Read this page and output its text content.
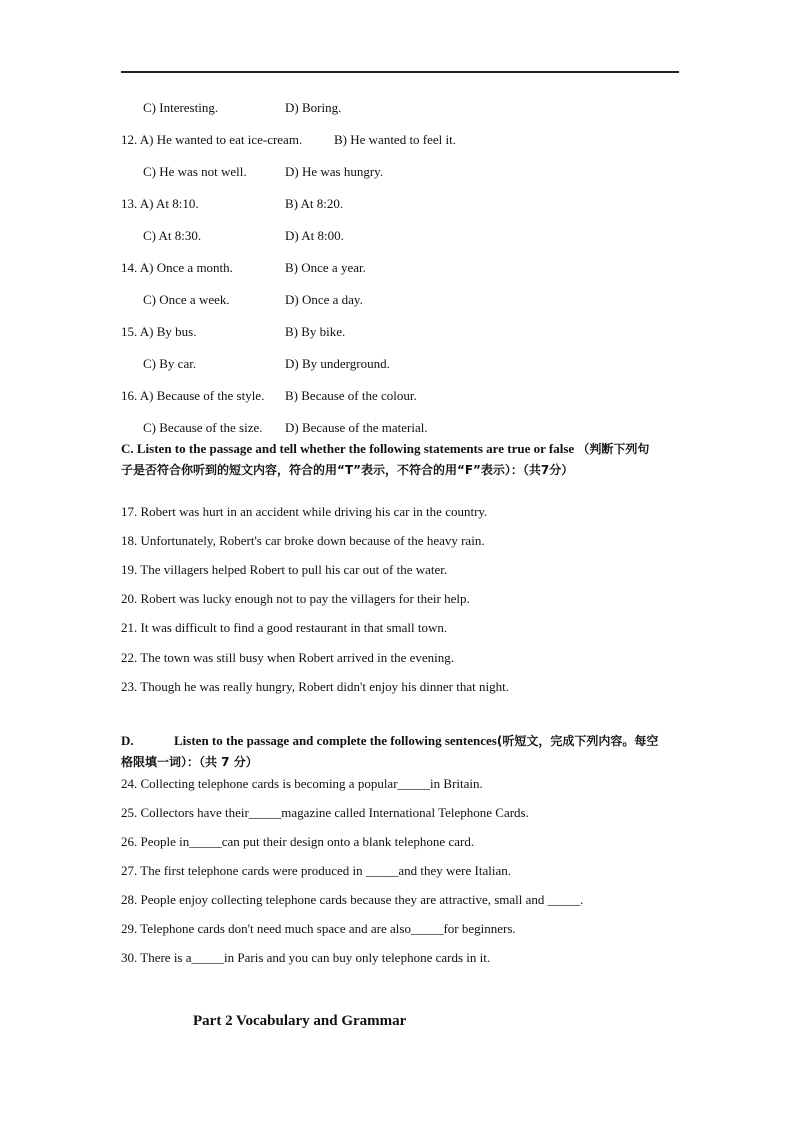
C) Interesting.	D) Boring.
12. A) He wanted to eat ice-cream. B) He wanted to feel it.
C) He was not well.	D) He was hungry.
13. A) At 8:10.	B) At 8:20.
C) At 8:30.	D) At 8:00.
14. A) Once a month.	B) Once a year.
C) Once a week.	D) Once a day.
15. A) By bus.	B) By bike.
C) By car.	D) By underground.
16. A) Because of the style. B) Because of the colour.
C) Because of the size. D) Because of the material.
C. Listen to the passage and tell whether the following statements are true or false （判断下列句
子是否符合你听到的短文内容，符合的用“T”表示，不符合的用“F”表示）：（共7分）
17. Robert was hurt in an accident while driving his car in the country.
18. Unfortunately, Robert's car broke down because of the heavy rain.
19. The villagers helped Robert to pull his car out of the water.
20. Robert was lucky enough not to pay the villagers for their help.
21. It was difficult to find a good restaurant in that small town.
22. The town was still busy when Robert arrived in the evening.
23. Though he was really hungry, Robert didn't enjoy his dinner that night.
D.	Listen to the passage and complete the following sentences(听短文，完成下列内容。每空
格限填一词）：（共 7 分）
24. Collecting telephone cards is becoming a popular_____in Britain.
25. Collectors have their_____magazine called International Telephone Cards.
26. People in_____can put their design onto a blank telephone card.
27. The first telephone cards were produced in _____and they were Italian.
28. People enjoy collecting telephone cards because they are attractive, small and _____.
29. Telephone cards don't need much space and are also_____for beginners.
30. There is a_____in Paris and you can buy only telephone cards in it.
Part 2 Vocabulary and Grammar
